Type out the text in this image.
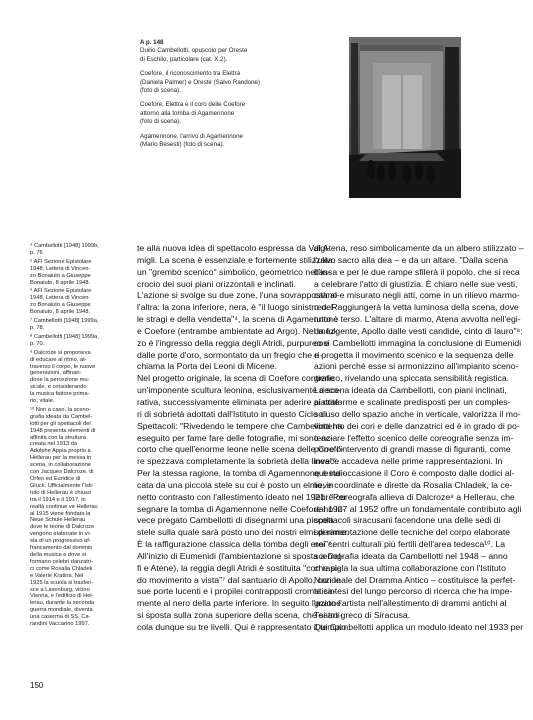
A p. 148
Duilio Cambellotti, opuscolo per Oreste
di Eschilo, particolare (cat. X.2).
Coefore, il riconoscimento tra Elettra
(Daniela Palmer) e Oreste (Salvo Randone)
(foto di scena).
Coefore, Elettra e il coro delle Coefore
attorno alla tomba di Agamennone
(foto di scena).
Agamennone, l'arrivo di Agamennone
(Mario Besesti) (foto di scena).
⁴ Cambellotti [1948] 1999b,
p. 76
⁵ AFI Sezione Epistolare
1948, Lettera di Vincen-
zo Bonaiuto a Giuseppe
Bonaiuto, 8 aprile 1948.
⁶ AFI Sezione Epistolare
1948, Lettera di Vincen-
zo Bonaiuto a Giuseppe
Bonaiuto, 8 aprile 1948.
⁷ Cambellotti [1948] 1999a,
p. 78.
⁸ Cambellotti [1948] 1999a,
p. 70.
⁹ Dalcroze si proponeva
di educare al ritmo, at-
traverso il corpo, le nuove
generazioni, affinan-
done la percezione mu-
sicale, e considerando
la musica fattore prima-
rio, vitale.
¹⁰ Non a caso, la sceno-
grafia ideata da Cambel-
lotti per gli spettacoli del
1948 presenta elementi di
affinità con la struttura
creata nel 1913 da
Adolphe Appia proprio a
Hellerau per la messa in
scena, in collaborazione
con Jacques Dalcroze, di
Orfeo ed Euridice di
Gluck. Ufficialmente l'Isti-
tuto di Hellerau è chiuso
tra il 1914 e il 1917, in
realtà continue ve Hellerau
al 1915 viene fondata la
Neue Schule Hellerau
dove le teorie di Dalcroze
vengono elaborate in vi-
sta di un progressivo af-
francamento dal dominio
della musica e dove si
formano celebri danzatri-
ci come Rosalia Chladek
e Valerie Kratina. Nel
1925 la scuola si trasferi-
sce a Laxenburg, vicino
Vienna, e l'edificio di Hel-
lerau, durante la seconda
guerra mondiale, diventa
una caserma di SS. Ca-
randini Vaccarino 1997.
te alla nuova idea di spettacolo espressa da Valgi-
migli. La scena è essenziale e fortemente stilizzata:
un "grembo scenico" simbolico, geometrico nell'in-
crocio dei suoi piani orizzontali e inclinati.
L'azione si svolge su due zone, l'una sovrapposta al-
l'altra: la zona inferiore, nera, è "il luogo sinistro del-
le stragi e della vendetta"⁴, la scena di Agamennone
e Coefore (entrambe ambientate ad Argo). Nel mez-
zo è l'ingresso della reggia degli Atridi, purpureo e
dalle porte d'oro, sormontato da un fregio che ri-
chiama la Porta dei Leoni di Micene.
Nel progetto originale, la scena di Coefore contiene
un'imponente scultura leonina, esclusivamente deco-
rativa, successivamente eliminata per aderire ai crite-
ri di sobrietà adottati dall'Istituto in questo Ciclo di
Spettacoli: "Rivedendo le tempere che Cambellotti ha
eseguito per fame fare delle fotografie, mi sono ac-
corto che quell'enorme leone nelle scena delle Coefo-
re spezzava completamente la sobrietà della linea"⁵.
Per la stessa ragione, la tomba di Agamennone è indi-
cata da una piccola stele su cui è posto un elmo, in
netto contrasto con l'allestimento ideato nel 1921: "Per
segnare la tomba di Agamennone nelle Coefore ho in-
vece pregato Cambellotti di disegnarmi una piccola
stele sulla quale sarà posto uno dei nostri elmi di rame.
È la raffigurazione classica della tomba degli eroi"⁶.
All'inizio di Eumenidi (l'ambientazione si sposta a Del-
fi e Atene), la reggia degli Atridi è sostituita "con rapi-
do movimento a vista"⁷ dal santuario di Apollo, con le
sue porte lucenti e i propilei contrapposti cromatica-
mente al nero della parte inferiore. In seguito l'azione
si sposta sulla zona superiore della scena, che si arti-
cola dunque su tre livelli. Qui è rappresentato il tempio
di Atena, reso simbolicamente da un albero stilizzato –
l'ulivo sacro alla dea – e da un altare. "Dalla scena
bassa e per le due rampe sfilerà il popolo, che si reca
a celebrare l'atto di giustizia. È chiaro nelle sue vesti,
calmo e misurato negli atti, come in un rilievo marmo-
reo. Raggiungerà la vetta luminosa della scena, dove
tutto è terso. L'altare di marmo, Atena avvolta nell'egi-
da fulgente, Apollo dalle vesti candide, cinto di lauro"⁸:
così Cambellotti immagina la conclusione di Eumenidi
e progetta il movimento scenico e la sequenza delle
azioni perché esse si armonizzino all'impianto sceno-
grafico, rivelando una spiccata sensibilità registica.
La scena ideata da Cambellotti, con piani inclinati,
piattaforme e scalinate predisposti per un comples-
so uso dello spazio anche in verticale, valorizza il mo-
vimento dei cori e delle danzatrici ed è in grado di po-
tenziare l'effetto scenico delle coreografie senza im-
porre l'intervento di grandi masse di figuranti, come
invece accadeva nelle prime rappresentazioni. In
questa occasione il Coro è composto dalle dodici al-
lieve coordinate e dirette da Rosalia Chladek, la ce-
lebre coreografa allieva di Dalcroze⁹ a Hellerau, che
dal 1927 al 1952 offre un fondamentale contributo agli
spettacoli siracusani facendone una delle sedi di
sperimentazione delle tecniche del corpo elaborate
nei centri culturali più fertili dell'area tedesca¹⁰. La
scenografia ideata da Cambellotti nel 1948 – anno
che sigla la sua ultima collaborazione con l'Istituto
Nazionale del Dramma Antico – costituisce la perfet-
ta sintesi del lungo percorso di ricerca che ha impe-
gnato l'artista nell'allestimento di drammi antichi al
Teatro greco di Siracusa.
Qui Cambellotti applica un modulo ideato nel 1933 per
150
